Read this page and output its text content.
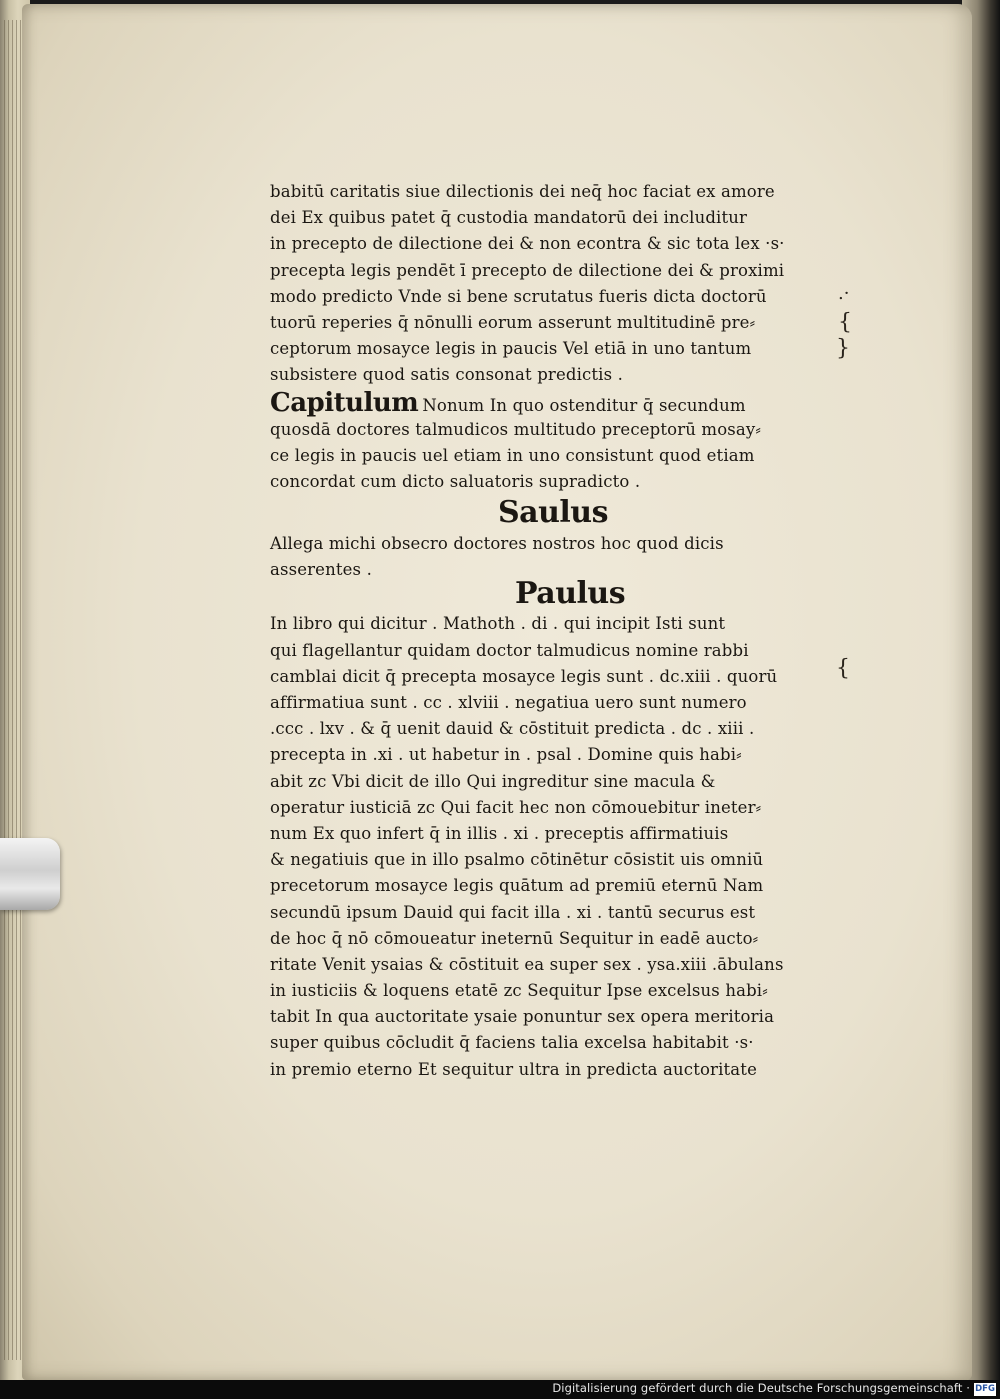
babitū caritatis siue dilectionis dei neq̄ hoc faciat ex amore
dei Ex quibus patet q̄ custodia mandatorū dei includitur
in precepto de dilectione dei & non econtra & sic tota lex ·s·
precepta legis pendēt ī precepto de dilectione dei & proximi
modo predicto Vnde si bene scrutatus fueris dicta doctorū
tuorū reperies q̄ nōnulli eorum asserunt multitudinē pre⸗
ceptorum mosayce legis in paucis Vel etiā in uno tantum
subsistere quod satis consonat predictis .
Capitulum Nonum In quo ostenditur q̄ secundum
quosdā doctores talmudicos multitudo preceptorū mosay⸗
ce legis in paucis uel etiam in uno consistunt quod etiam
concordat cum dicto saluatoris supradicto .
Saulus
Allega michi obsecro doctores nostros hoc quod dicis
asserentes .
Paulus
In libro qui dicitur . Mathoth . di . qui incipit Isti sunt
qui flagellantur quidam doctor talmudicus nomine rabbi
camblai dicit q̄ precepta mosayce legis sunt . dc.xiii . quorū
affirmatiua sunt . cc . xlviii . negatiua uero sunt numero
.ccc . lxv . & q̄ uenit dauid & cōstituit predicta . dc . xiii .
precepta in .xi . ut habetur in . psal . Domine quis habi⸗
abit zc Vbi dicit de illo Qui ingreditur sine macula &
operatur iusticiā zc Qui facit hec non cōmouebitur ineter⸗
num Ex quo infert q̄ in illis . xi . preceptis affirmatiuis
& negatiuis que in illo psalmo cōtinētur cōsistit uis omniū
precetorum mosayce legis quātum ad premiū eternū Nam
secundū ipsum Dauid qui facit illa . xi . tantū securus est
de hoc q̄ nō cōmoueatur ineternū Sequitur in eadē aucto⸗
ritate Venit ysaias & cōstituit ea super sex . ysa.xiii .ābulans
in iusticiis & loquens etatē zc Sequitur Ipse excelsus habi⸗
tabit In qua auctoritate ysaie ponuntur sex opera meritoria
super quibus cōcludit q̄ faciens talia excelsa habitabit ·s·
in premio eterno Et sequitur ultra in predicta auctoritate
.·
{
}
{
Digitalisierung gefördert durch die Deutsche Forschungsgemeinschaft · DFG
